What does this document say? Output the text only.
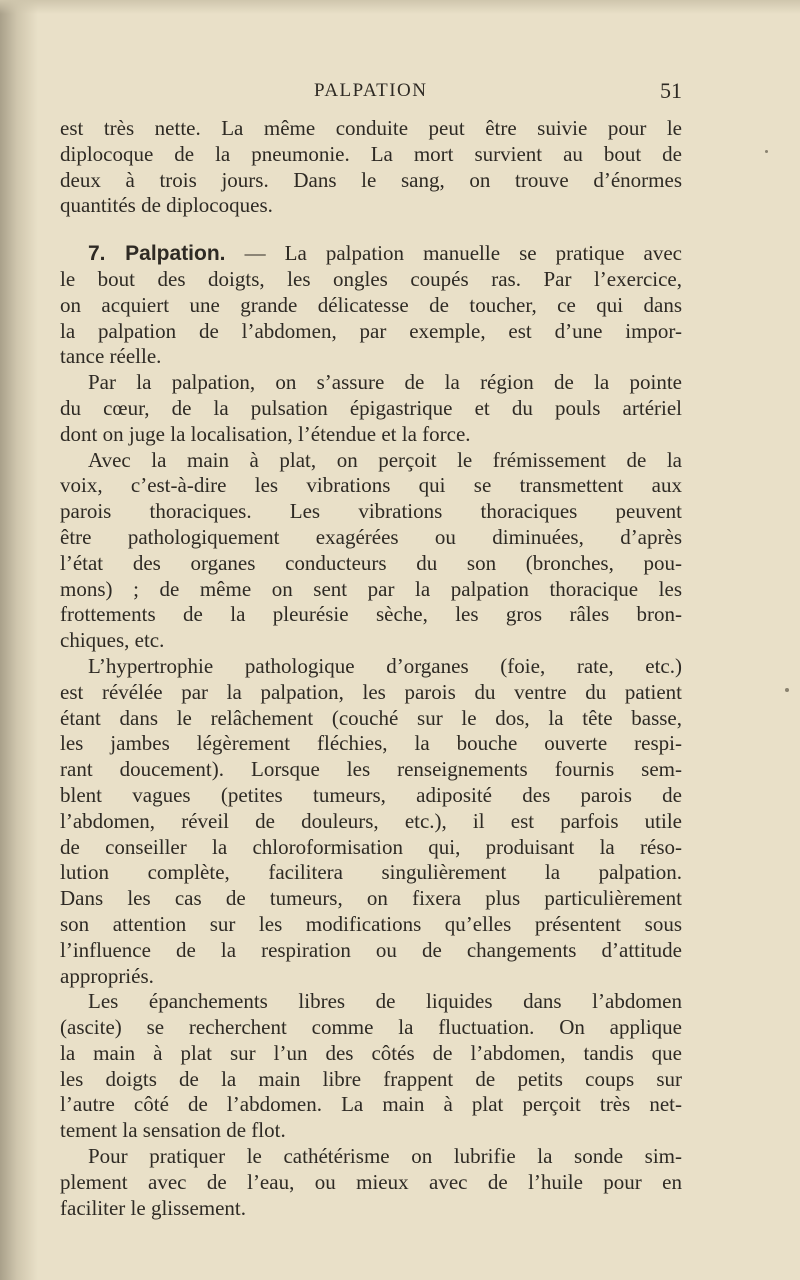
PALPATION	51
est très nette. La même conduite peut être suivie pour le
diplocoque de la pneumonie. La mort survient au bout de
deux à trois jours. Dans le sang, on trouve d’énormes
quantités de diplocoques.
7. Palpation. — La palpation manuelle se pratique avec
le bout des doigts, les ongles coupés ras. Par l’exercice,
on acquiert une grande délicatesse de toucher, ce qui dans
la palpation de l’abdomen, par exemple, est d’une impor-
tance réelle.
Par la palpation, on s’assure de la région de la pointe
du cœur, de la pulsation épigastrique et du pouls artériel
dont on juge la localisation, l’étendue et la force.
Avec la main à plat, on perçoit le frémissement de la
voix, c’est-à-dire les vibrations qui se transmettent aux
parois thoraciques. Les vibrations thoraciques peuvent
être pathologiquement exagérées ou diminuées, d’après
l’état des organes conducteurs du son (bronches, pou-
mons) ; de même on sent par la palpation thoracique les
frottements de la pleurésie sèche, les gros râles bron-
chiques, etc.
L’hypertrophie pathologique d’organes (foie, rate, etc.)
est révélée par la palpation, les parois du ventre du patient
étant dans le relâchement (couché sur le dos, la tête basse,
les jambes légèrement fléchies, la bouche ouverte respi-
rant doucement). Lorsque les renseignements fournis sem-
blent vagues (petites tumeurs, adiposité des parois de
l’abdomen, réveil de douleurs, etc.), il est parfois utile
de conseiller la chloroformisation qui, produisant la réso-
lution complète, facilitera singulièrement la palpation.
Dans les cas de tumeurs, on fixera plus particulièrement
son attention sur les modifications qu’elles présentent sous
l’influence de la respiration ou de changements d’attitude
appropriés.
Les épanchements libres de liquides dans l’abdomen
(ascite) se recherchent comme la fluctuation. On applique
la main à plat sur l’un des côtés de l’abdomen, tandis que
les doigts de la main libre frappent de petits coups sur
l’autre côté de l’abdomen. La main à plat perçoit très net-
tement la sensation de flot.
Pour pratiquer le cathétérisme on lubrifie la sonde sim-
plement avec de l’eau, ou mieux avec de l’huile pour en
faciliter le glissement.
